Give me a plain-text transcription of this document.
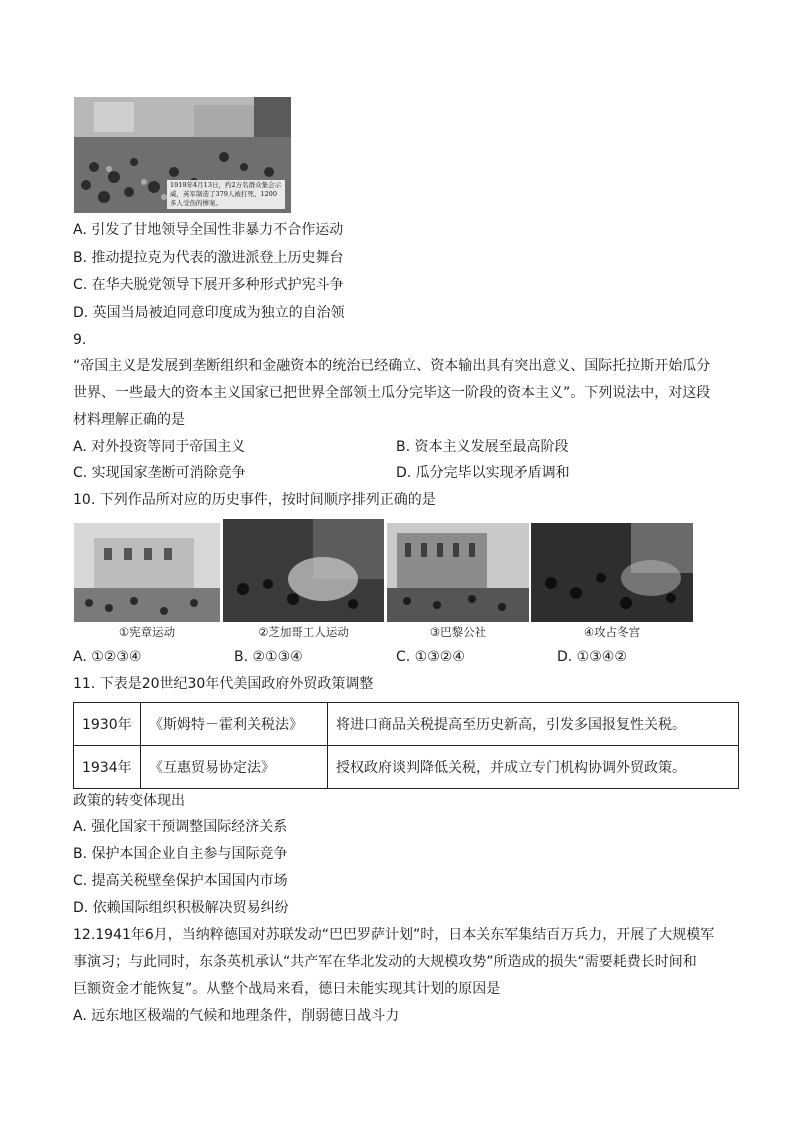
1919年4月13日，约2万名群众集会示威，英军制造了379人被打死、1200多人受伤的惨案。
A. 引发了甘地领导全国性非暴力不合作运动
B. 推动提拉克为代表的激进派登上历史舞台
C. 在华夫脱党领导下展开多种形式护宪斗争
D. 英国当局被迫同意印度成为独立的自治领
9.
“帝国主义是发展到垄断组织和金融资本的统治已经确立、资本输出具有突出意义、国际托拉斯开始瓜分
世界、一些最大的资本主义国家已把世界全部领土瓜分完毕这一阶段的资本主义”。下列说法中，对这段
材料理解正确的是
A. 对外投资等同于帝国主义	B. 资本主义发展至最高阶段
C. 实现国家垄断可消除竞争	D. 瓜分完毕以实现矛盾调和
10. 下列作品所对应的历史事件，按时间顺序排列正确的是
①宪章运动	②芝加哥工人运动	③巴黎公社	④攻占冬宫
A. ①②③④	B. ②①③④	C. ①③②④	D. ①③④②
11. 下表是20世纪30年代美国政府外贸政策调整
1930年	《斯姆特－霍利关税法》	将进口商品关税提高至历史新高，引发多国报复性关税。
1934年	《互惠贸易协定法》	授权政府谈判降低关税，并成立专门机构协调外贸政策。
政策的转变体现出
A. 强化国家干预调整国际经济关系
B. 保护本国企业自主参与国际竞争
C. 提高关税壁垒保护本国国内市场
D. 依赖国际组织积极解决贸易纠纷
12.1941年6月，当纳粹德国对苏联发动“巴巴罗萨计划”时，日本关东军集结百万兵力，开展了大规模军
事演习；与此同时，东条英机承认“共产军在华北发动的大规模攻势”所造成的损失“需要耗费长时间和
巨额资金才能恢复”。从整个战局来看，德日未能实现其计划的原因是
A. 远东地区极端的气候和地理条件，削弱德日战斗力
